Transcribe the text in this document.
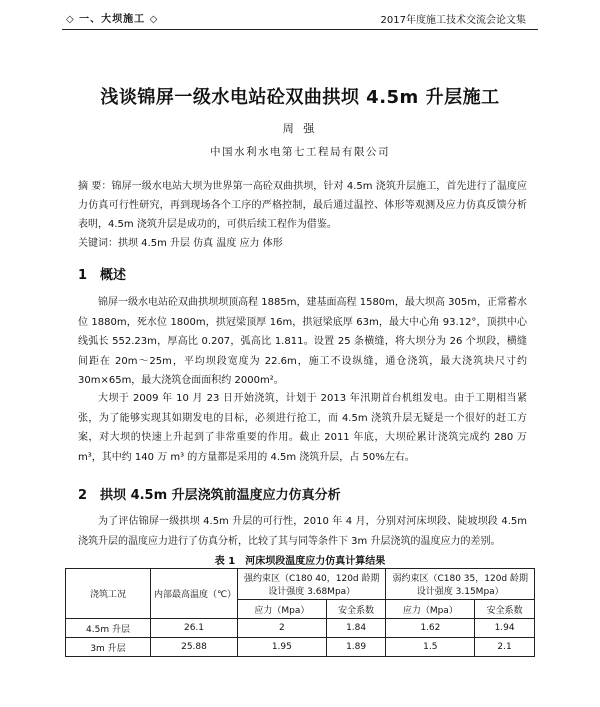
◇ 一、大坝施工 ◇	2017年度施工技术交流会论文集
浅谈锦屏一级水电站砼双曲拱坝 4.5m 升层施工
周 强
中国水利水电第七工程局有限公司
摘 要：锦屏一级水电站大坝为世界第一高砼双曲拱坝，针对 4.5m 浇筑升层施工，首先进行了温度应力仿真可行性研究，再到现场各个工序的严格控制，最后通过温控、体形等观测及应力仿真反馈分析表明，4.5m 浇筑升层是成功的，可供后续工程作为借鉴。
关键词：拱坝 4.5m 升层 仿真 温度 应力 体形
1　概述
锦屏一级水电站砼双曲拱坝坝顶高程 1885m，建基面高程 1580m，最大坝高 305m，正常蓄水位 1880m，死水位 1800m，拱冠梁顶厚 16m，拱冠梁底厚 63m，最大中心角 93.12°，顶拱中心线弧长 552.23m，厚高比 0.207，弧高比 1.811。设置 25 条横缝，将大坝分为 26 个坝段，横缝间距在 20m～25m，平均坝段宽度为 22.6m，施工不设纵缝，通仓浇筑，最大浇筑块尺寸约 30m×65m，最大浇筑仓面面积约 2000m²。
大坝于 2009 年 10 月 23 日开始浇筑，计划于 2013 年汛期首台机组发电。由于工期相当紧张，为了能够实现其如期发电的目标，必须进行抢工，而 4.5m 浇筑升层无疑是一个很好的赶工方案，对大坝的快速上升起到了非常重要的作用。截止 2011 年底，大坝砼累计浇筑完成约 280 万 m³，其中约 140 万 m³ 的方量都是采用的 4.5m 浇筑升层，占 50%左右。
2　拱坝 4.5m 升层浇筑前温度应力仿真分析
为了评估锦屏一级拱坝 4.5m 升层的可行性，2010 年 4 月，分别对河床坝段、陡坡坝段 4.5m 浇筑升层的温度应力进行了仿真分析，比较了其与同等条件下 3m 升层浇筑的温度应力的差别。
表 1　河床坝段温度应力仿真计算结果
浇筑工况	内部最高温度（℃）	强约束区（C180 40，120d 龄期设计强度 3.68Mpa）		弱约束区（C180 35，120d 龄期设计强度 3.15Mpa）	
		应力（Mpa）	安全系数	应力（Mpa）	安全系数
4.5m 升层	26.1	2	1.84	1.62	1.94
3m 升层	25.88	1.95	1.89	1.5	2.1
